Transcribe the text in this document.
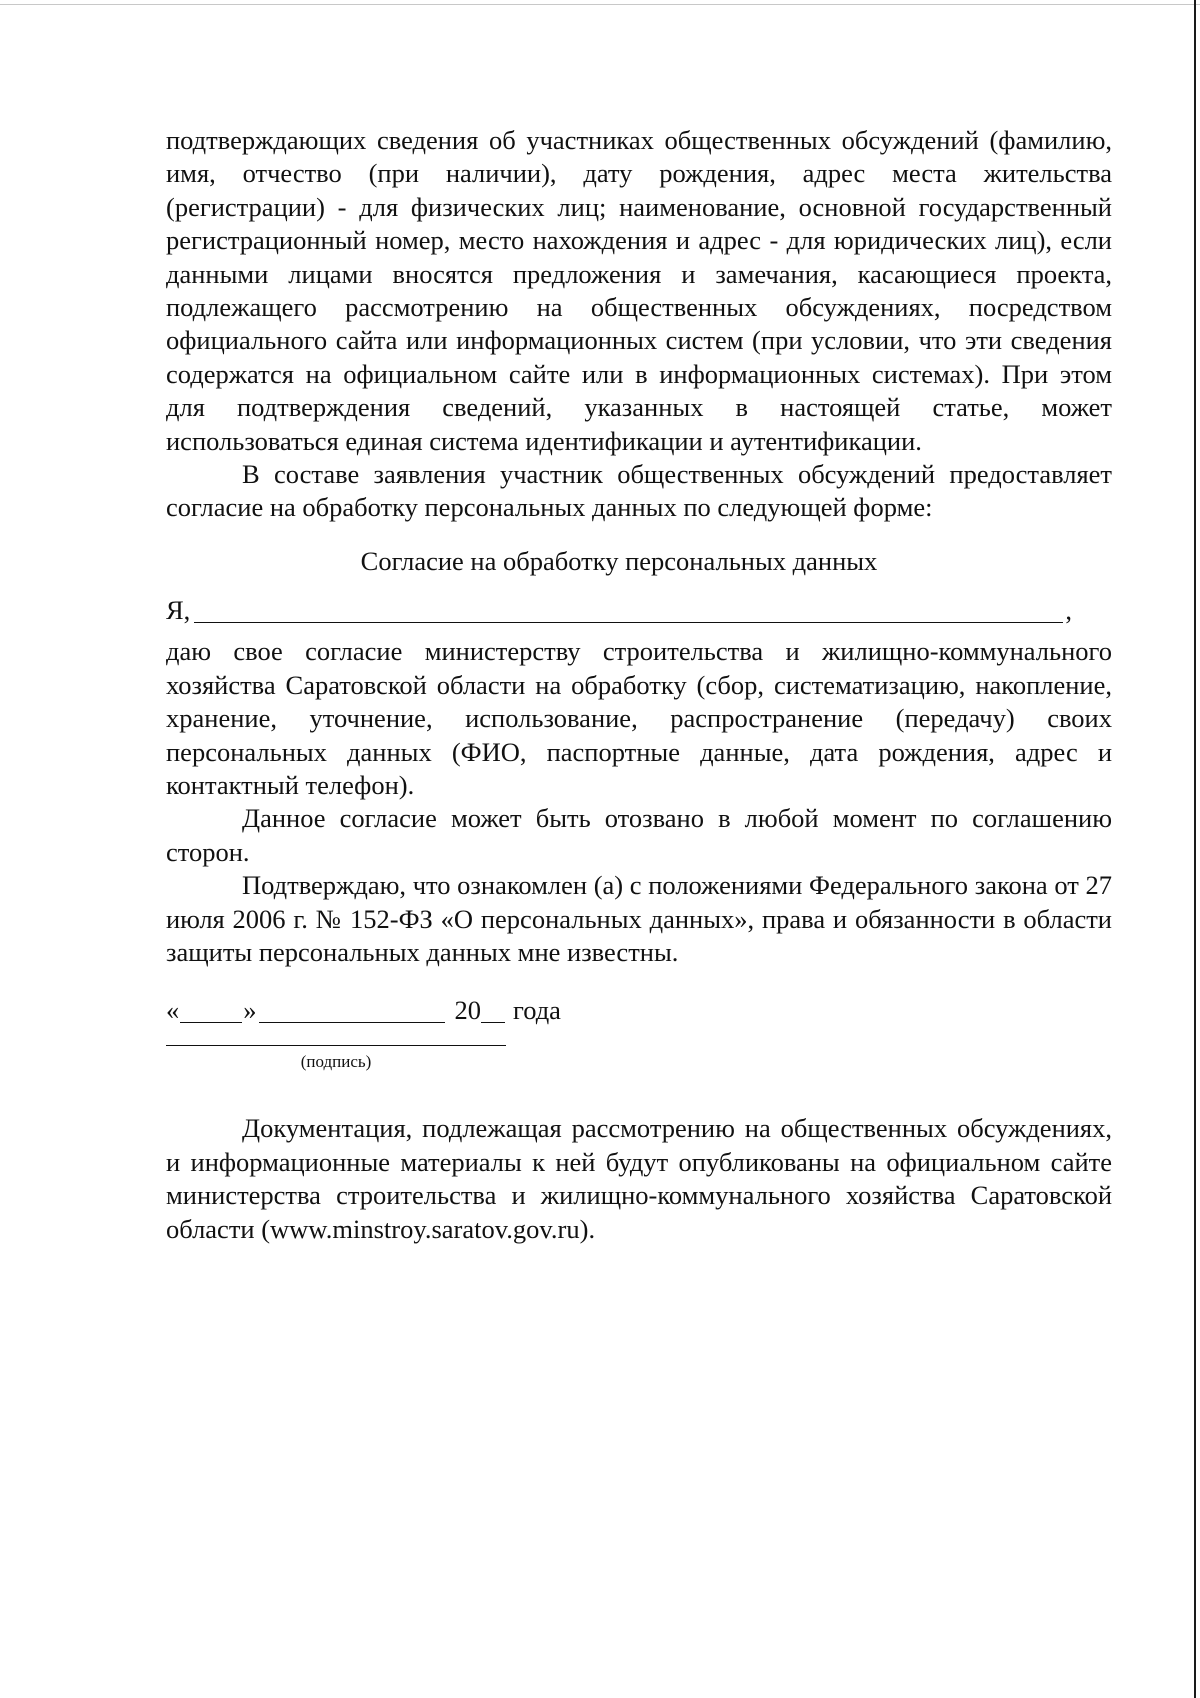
подтверждающих сведения об участниках общественных обсуждений (фамилию, имя, отчество (при наличии), дату рождения, адрес места жительства (регистрации) - для физических лиц; наименование, основной государственный регистрационный номер, место нахождения и адрес - для юридических лиц), если данными лицами вносятся предложения и замечания, касающиеся проекта, подлежащего рассмотрению на общественных обсуждениях, посредством официального сайта или информационных систем (при условии, что эти сведения содержатся на официальном сайте или в информационных системах). При этом для подтверждения сведений, указанных в настоящей статье, может использоваться единая система идентификации и аутентификации.

В составе заявления участник общественных обсуждений предоставляет согласие на обработку персональных данных по следующей форме:

Согласие на обработку персональных данных

Я,	,

даю свое согласие министерству строительства и жилищно-коммунального хозяйства Саратовской области на обработку (сбор, систематизацию, накопление, хранение, уточнение, использование, распространение (передачу) своих персональных данных (ФИО, паспортные данные, дата рождения, адрес и контактный телефон).

Данное согласие может быть отозвано в любой момент по соглашению сторон.

Подтверждаю, что ознакомлен (а) с положениями Федерального закона от 27 июля 2006 г. № 152-ФЗ «О персональных данных», права и обязанности в области защиты персональных данных мне известны.

« »	20 года
(подпись)

Документация, подлежащая рассмотрению на общественных обсуждениях, и информационные материалы к ней будут опубликованы на официальном сайте министерства строительства и жилищно-коммунального хозяйства Саратовской области (www.minstroy.saratov.gov.ru).
